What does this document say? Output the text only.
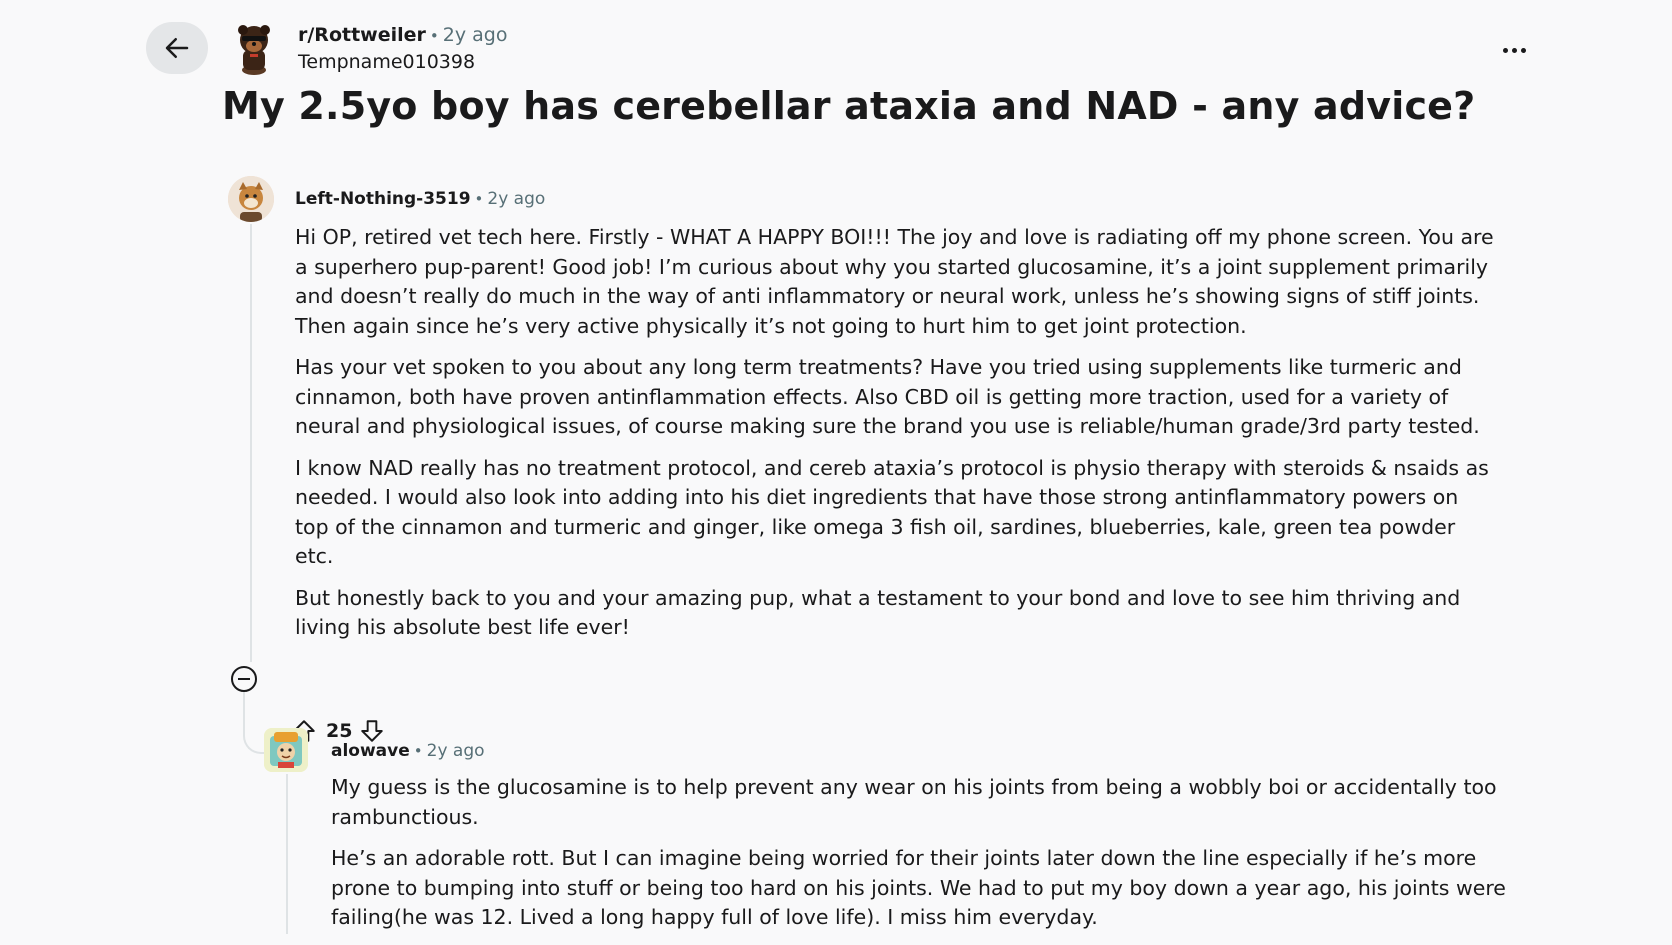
r/Rottweiler • 2y ago
Tempname010398
My 2.5yo boy has cerebellar ataxia and NAD - any advice?
Left-Nothing-3519 • 2y ago

Hi OP, retired vet tech here. Firstly - WHAT A HAPPY BOI!!! The joy and love is radiating off my phone screen. You are a superhero pup-parent! Good job! I’m curious about why you started glucosamine, it’s a joint supplement primarily and doesn’t really do much in the way of anti inflammatory or neural work, unless he’s showing signs of stiff joints. Then again since he’s very active physically it’s not going to hurt him to get joint protection.

Has your vet spoken to you about any long term treatments? Have you tried using supplements like turmeric and cinnamon, both have proven antinflammation effects. Also CBD oil is getting more traction, used for a variety of neural and physiological issues, of course making sure the brand you use is reliable/human grade/3rd party tested.

I know NAD really has no treatment protocol, and cereb ataxia’s protocol is physio therapy with steroids & nsaids as needed. I would also look into adding into his diet ingredients that have those strong antinflammatory powers on top of the cinnamon and turmeric and ginger, like omega 3 fish oil, sardines, blueberries, kale, green tea powder etc.

But honestly back to you and your amazing pup, what a testament to your bond and love to see him thriving and living his absolute best life ever!

25
alowave • 2y ago

My guess is the glucosamine is to help prevent any wear on his joints from being a wobbly boi or accidentally too rambunctious.

He’s an adorable rott. But I can imagine being worried for their joints later down the line especially if he’s more prone to bumping into stuff or being too hard on his joints. We had to put my boy down a year ago, his joints were failing(he was 12. Lived a long happy full of love life). I miss him everyday.
